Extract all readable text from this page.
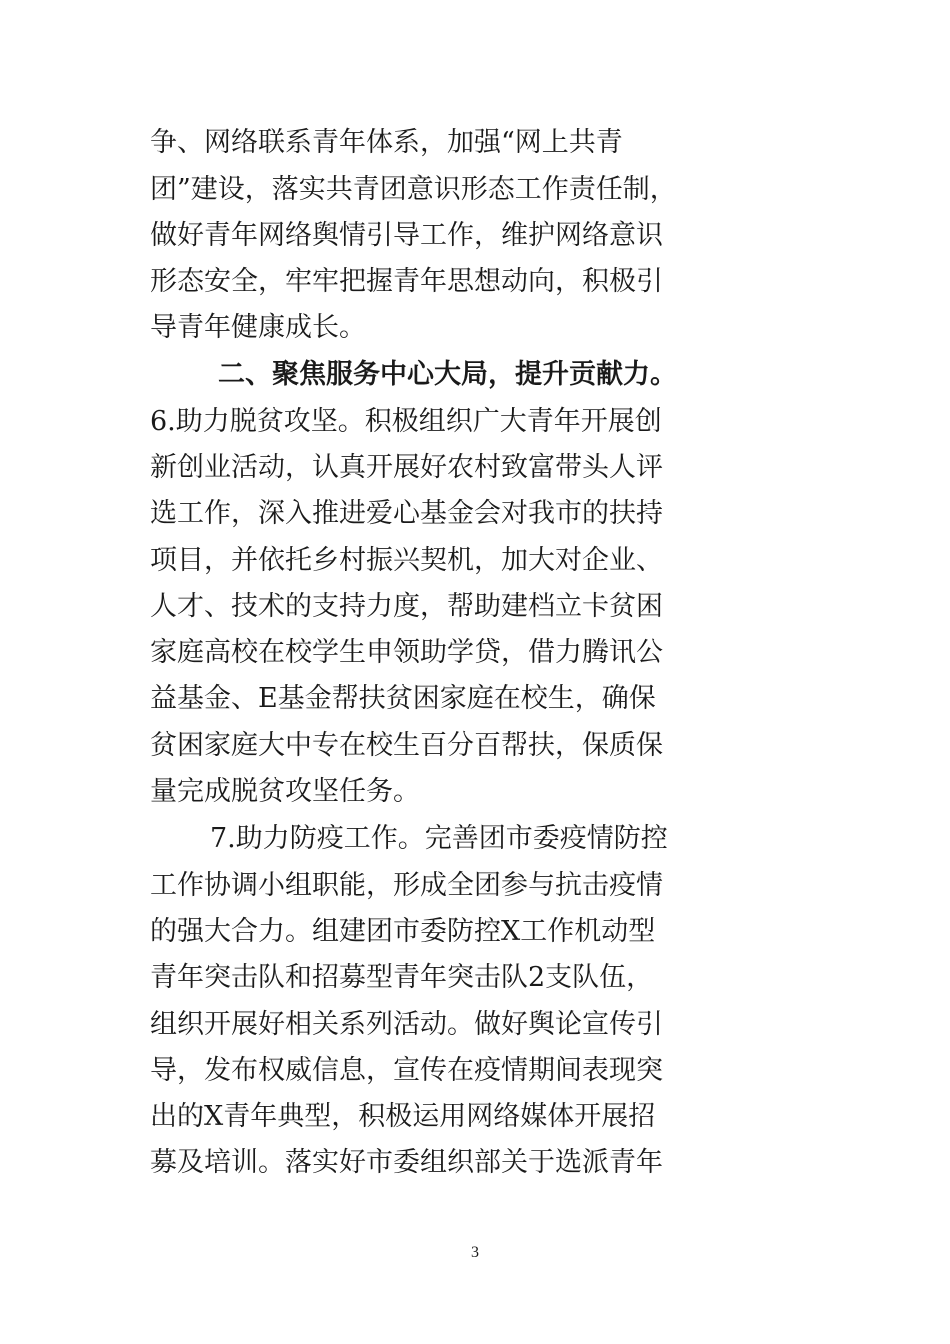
争、网络联系青年体系，加强“网上共青
团”建设，落实共青团意识形态工作责任制，
做好青年网络舆情引导工作，维护网络意识
形态安全，牢牢把握青年思想动向，积极引
导青年健康成长。
二、聚焦服务中心大局，提升贡献力。
6.助力脱贫攻坚。积极组织广大青年开展创
新创业活动，认真开展好农村致富带头人评
选工作，深入推进爱心基金会对我市的扶持
项目，并依托乡村振兴契机，加大对企业、
人才、技术的支持力度，帮助建档立卡贫困
家庭高校在校学生申领助学贷，借力腾讯公
益基金、E基金帮扶贫困家庭在校生，确保
贫困家庭大中专在校生百分百帮扶，保质保
量完成脱贫攻坚任务。
7.助力防疫工作。完善团市委疫情防控
工作协调小组职能，形成全团参与抗击疫情
的强大合力。组建团市委防控X工作机动型
青年突击队和招募型青年突击队2支队伍，
组织开展好相关系列活动。做好舆论宣传引
导，发布权威信息，宣传在疫情期间表现突
出的X青年典型，积极运用网络媒体开展招
募及培训。落实好市委组织部关于选派青年
3
